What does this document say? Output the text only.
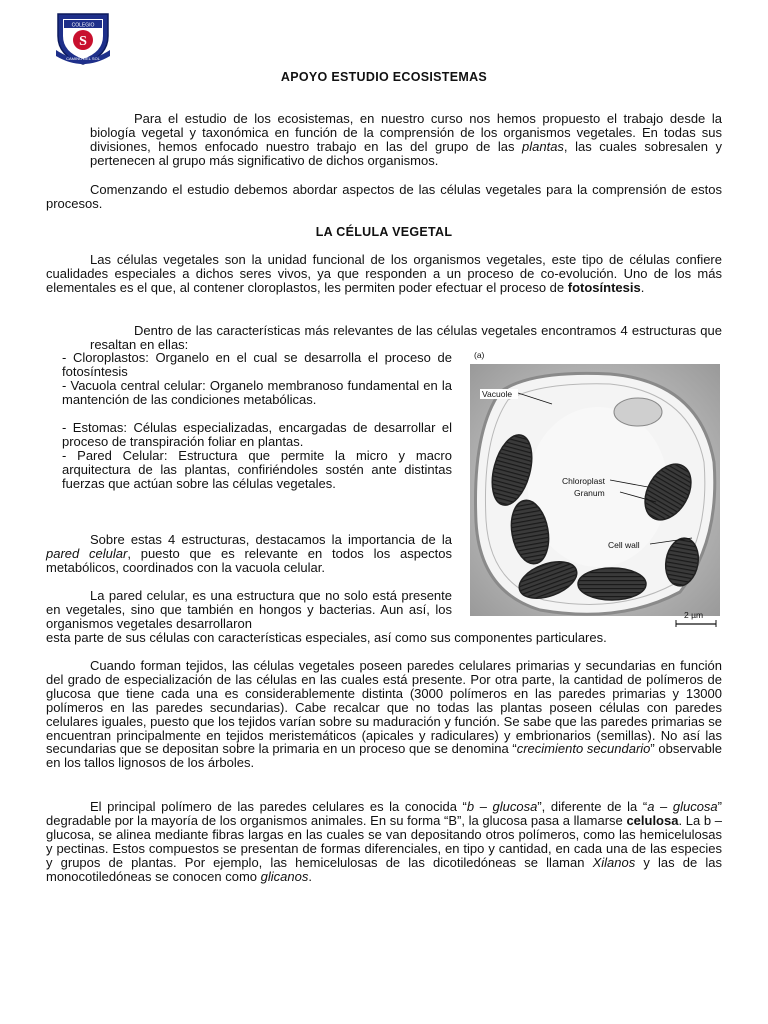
COLEGIO
S
CAMINO DEL SOL
APOYO ESTUDIO ECOSISTEMAS

Para el estudio de los ecosistemas, en nuestro curso nos hemos propuesto el trabajo desde la biología vegetal y taxonómica en función de la comprensión de los organismos vegetales. En todas sus divisiones, hemos enfocado nuestro trabajo en las del grupo de las plantas, las cuales sobresalen y pertenecen al grupo más significativo de dichos organismos.

Comenzando el estudio debemos abordar aspectos de las células vegetales para la comprensión de estos procesos.

LA CÉLULA VEGETAL

Las células vegetales son la unidad funcional de los organismos vegetales, este tipo de células confiere cualidades especiales a dichos seres vivos, ya que responden a un proceso de co-evolución. Uno de los más elementales es el que, al contener cloroplastos, les permiten poder efectuar el proceso de fotosíntesis.

Dentro de las características más relevantes de las células vegetales encontramos 4 estructuras que resaltan en ellas:

- Cloroplastos: Organelo en el cual se desarrolla el proceso de fotosíntesis

- Vacuola central celular: Organelo membranoso fundamental en la mantención de las condiciones metabólicas.

- Estomas: Células especializadas, encargadas de desarrollar el proceso de transpiración foliar en plantas.

- Pared Celular: Estructura que permite la micro y macro arquitectura de las plantas, confiriéndoles sostén ante distintas fuerzas que actúan sobre las células vegetales.

Sobre estas 4 estructuras, destacamos la importancia de la pared celular, puesto que es relevante en todos los aspectos metabólicos, coordinados con la vacuola celular.

La pared celular, es una estructura que no solo está presente en vegetales, sino que también en hongos y bacterias. Aun así, los organismos vegetales desarrollaron

esta parte de sus células con características especiales, así como sus componentes particulares.

(a)
Vacuole
Chloroplast
Granum
Cell wall
2 µm

Cuando forman tejidos, las células vegetales poseen paredes celulares primarias y secundarias en función del grado de especialización de las células en las cuales está presente. Por otra parte, la cantidad de polímeros de glucosa que tiene cada una es considerablemente distinta (3000 polímeros en las paredes primarias y 13000 polímeros en las paredes secundarias). Cabe recalcar que no todas las plantas poseen células con paredes celulares iguales, puesto que los tejidos varían sobre su maduración y función. Se sabe que las paredes primarias se encuentran principalmente en tejidos meristemáticos (apicales y radiculares) y embrionarios (semillas). No así las secundarias que se depositan sobre la primaria en un proceso que se denomina “crecimiento secundario” observable en los tallos lignosos de los árboles.

El principal polímero de las paredes celulares es la conocida “b – glucosa”, diferente de la “a – glucosa” degradable por la mayoría de los organismos animales. En su forma “B”, la glucosa pasa a llamarse celulosa. La b – glucosa, se alinea mediante fibras largas en las cuales se van depositando otros polímeros, como las hemicelulosas y pectinas. Estos compuestos se presentan de formas diferenciales, en tipo y cantidad, en cada una de las especies y grupos de plantas. Por ejemplo, las hemicelulosas de las dicotiledóneas se llaman Xilanos y las de las monocotiledóneas se conocen como glicanos.
